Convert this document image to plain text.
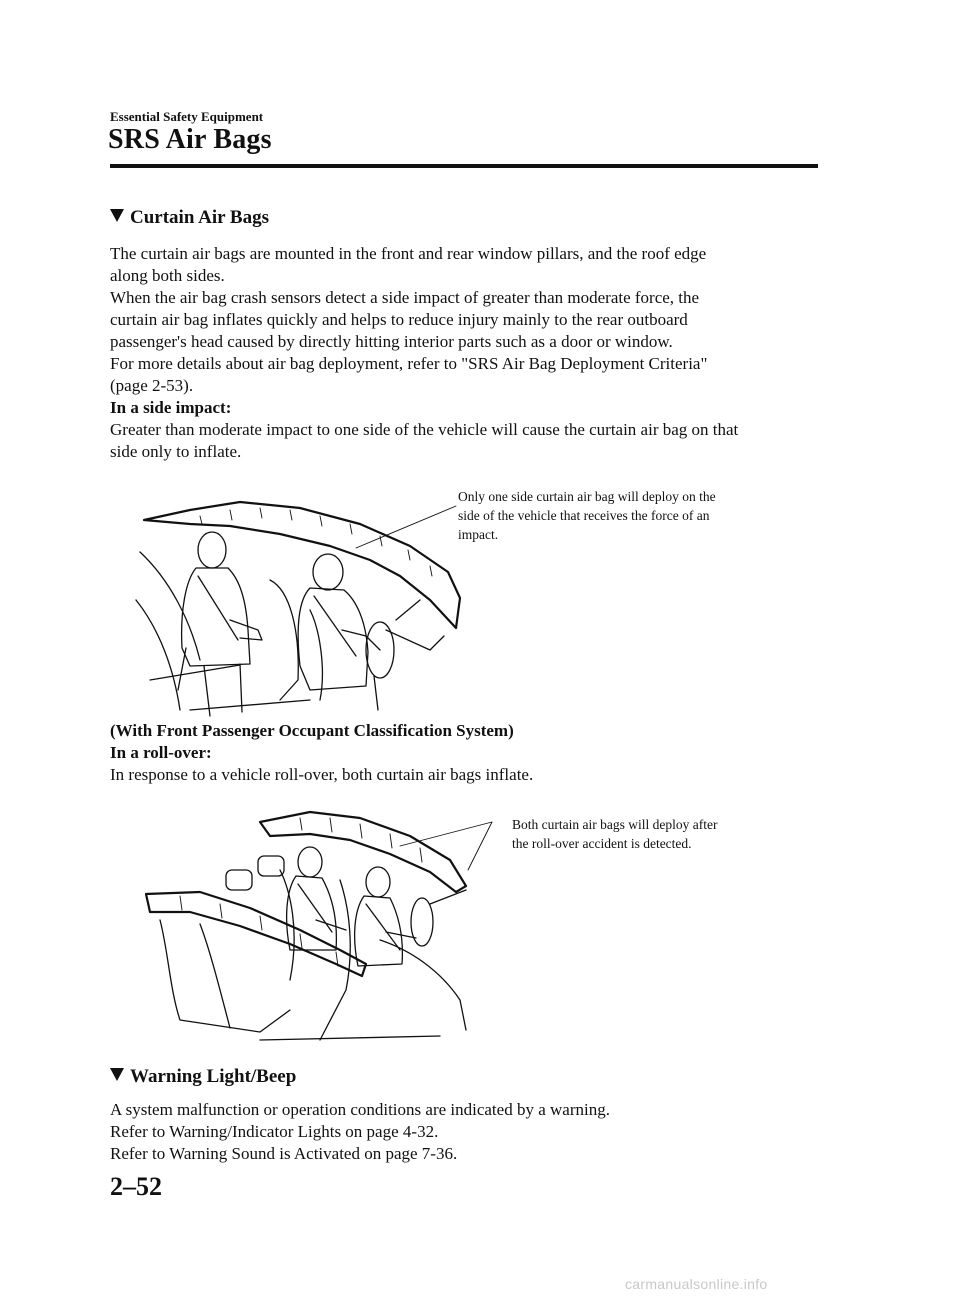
Essential Safety Equipment
SRS Air Bags
Curtain Air Bags
The curtain air bags are mounted in the front and rear window pillars, and the roof edge
along both sides.
When the air bag crash sensors detect a side impact of greater than moderate force, the
curtain air bag inflates quickly and helps to reduce injury mainly to the rear outboard
passenger's head caused by directly hitting interior parts such as a door or window.
For more details about air bag deployment, refer to "SRS Air Bag Deployment Criteria"
(page 2-53).
In a side impact:
Greater than moderate impact to one side of the vehicle will cause the curtain air bag on that
side only to inflate.
Only one side curtain air bag will deploy on the
side of the vehicle that receives the force of an
impact.
(With Front Passenger Occupant Classification System)
In a roll-over:
In response to a vehicle roll-over, both curtain air bags inflate.
Both curtain air bags will deploy after
the roll-over accident is detected.
Warning Light/Beep
A system malfunction or operation conditions are indicated by a warning.
Refer to Warning/Indicator Lights on page 4-32.
Refer to Warning Sound is Activated on page 7-36.
2–52
carmanualsonline.info
